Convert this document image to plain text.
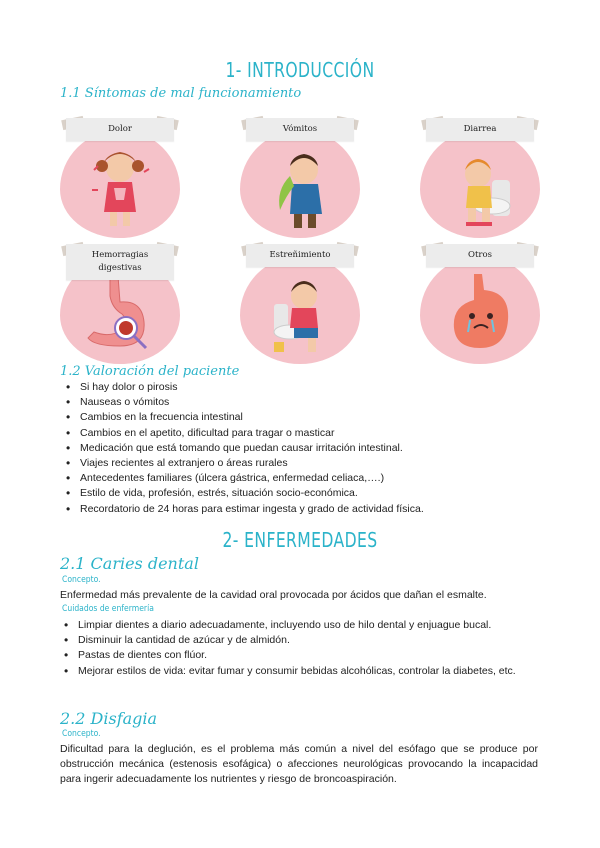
1- INTRODUCCIÓN
1.1 Síntomas de mal funcionamiento
Dolor	Vómitos	Diarrea
Hemorragias digestivas
Estreñimiento	Otros
1.2 Valoración del paciente
• Si hay dolor o pirosis
• Nauseas o vómitos
• Cambios en la frecuencia intestinal
• Cambios en el apetito, dificultad para tragar o masticar
• Medicación que está tomando que puedan causar irritación intestinal.
• Viajes recientes al extranjero o áreas rurales
• Antecedentes familiares (úlcera gástrica, enfermedad celiaca,….)
• Estilo de vida, profesión, estrés, situación socio-económica.
• Recordatorio de 24 horas para estimar ingesta y grado de actividad física.
2- ENFERMEDADES
2.1 Caries dental
Concepto.
Enfermedad más prevalente de la cavidad oral provocada por ácidos que dañan el esmalte.
Cuidados de enfermería
• Limpiar dientes a diario adecuadamente, incluyendo uso de hilo dental y enjuague bucal.
• Disminuir la cantidad de azúcar y de almidón.
• Pastas de dientes con flúor.
• Mejorar estilos de vida: evitar fumar y consumir bebidas alcohólicas, controlar la diabetes, etc.
2.2 Disfagia
Concepto.
Dificultad para la deglución, es el problema más común a nivel del esófago que se produce por obstrucción mecánica (estenosis esofágica) o afecciones neurológicas provocando la incapacidad para ingerir adecuadamente los nutrientes y riesgo de broncoaspiración.
